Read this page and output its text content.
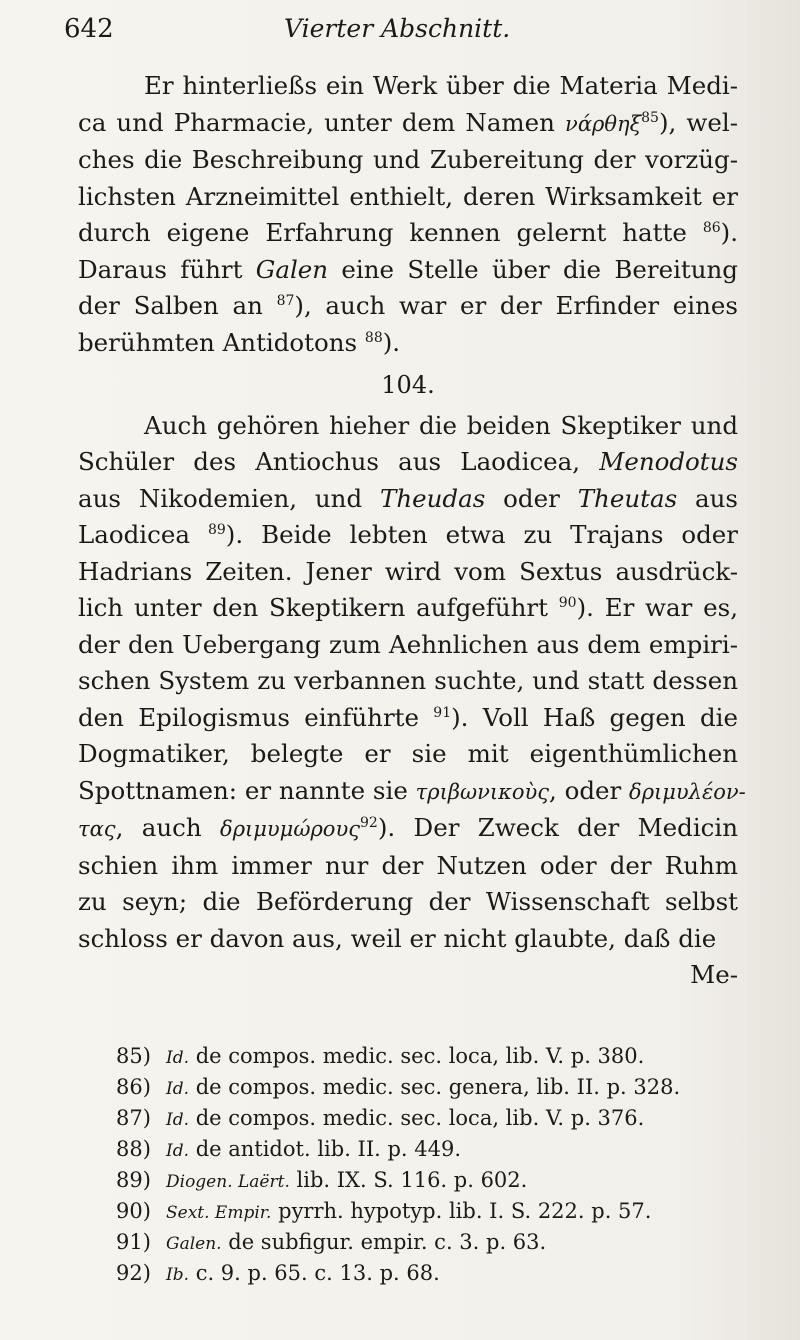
642	Vierter Abschnitt.

Er hinterließs ein Werk über die Materia Medi-
ca und Pharmacie, unter dem Namen νάρθηξ$^{85}$), wel-
ches die Beschreibung und Zubereitung der vorzüg-
lichsten Arzneimittel enthielt, deren Wirksamkeit er
durch eigene Erfahrung kennen gelernt hatte $^{86}$).
Daraus führt Galen eine Stelle über die Bereitung
der Salben an $^{87}$), auch war er der Erfinder eines
berühmten Antidotons $^{88}$).

104.

Auch gehören hieher die beiden Skeptiker und
Schüler des Antiochus aus Laodicea, Menodotus
aus Nikodemien, und Theudas oder Theutas aus
Laodicea $^{89}$). Beide lebten etwa zu Trajans oder
Hadrians Zeiten. Jener wird vom Sextus ausdrück-
lich unter den Skeptikern aufgeführt $^{90}$). Er war es,
der den Uebergang zum Aehnlichen aus dem empiri-
schen System zu verbannen suchte, und statt dessen
den Epilogismus einführte $^{91}$). Voll Haß gegen die
Dogmatiker, belegte er sie mit eigenthümlichen
Spottnamen: er nannte sie τριβωνικοὺς, oder δριμυλέον-
τας, auch δριμυμώρους$^{92}$). Der Zweck der Medicin
schien ihm immer nur der Nutzen oder der Ruhm
zu seyn; die Beförderung der Wissenschaft selbst
schloss er davon aus, weil er nicht glaubte, daß die

Me-
85) Id. de compos. medic. sec. loca, lib. V. p. 380.
86) Id. de compos. medic. sec. genera, lib. II. p. 328.
87) Id. de compos. medic. sec. loca, lib. V. p. 376.
88) Id. de antidot. lib. II. p. 449.
89) Diogen. Laërt. lib. IX. S. 116. p. 602.
90) Sext. Empir. pyrrh. hypotyp. lib. I. S. 222. p. 57.
91) Galen. de subfigur. empir. c. 3. p. 63.
92) Ib. c. 9. p. 65. c. 13. p. 68.
